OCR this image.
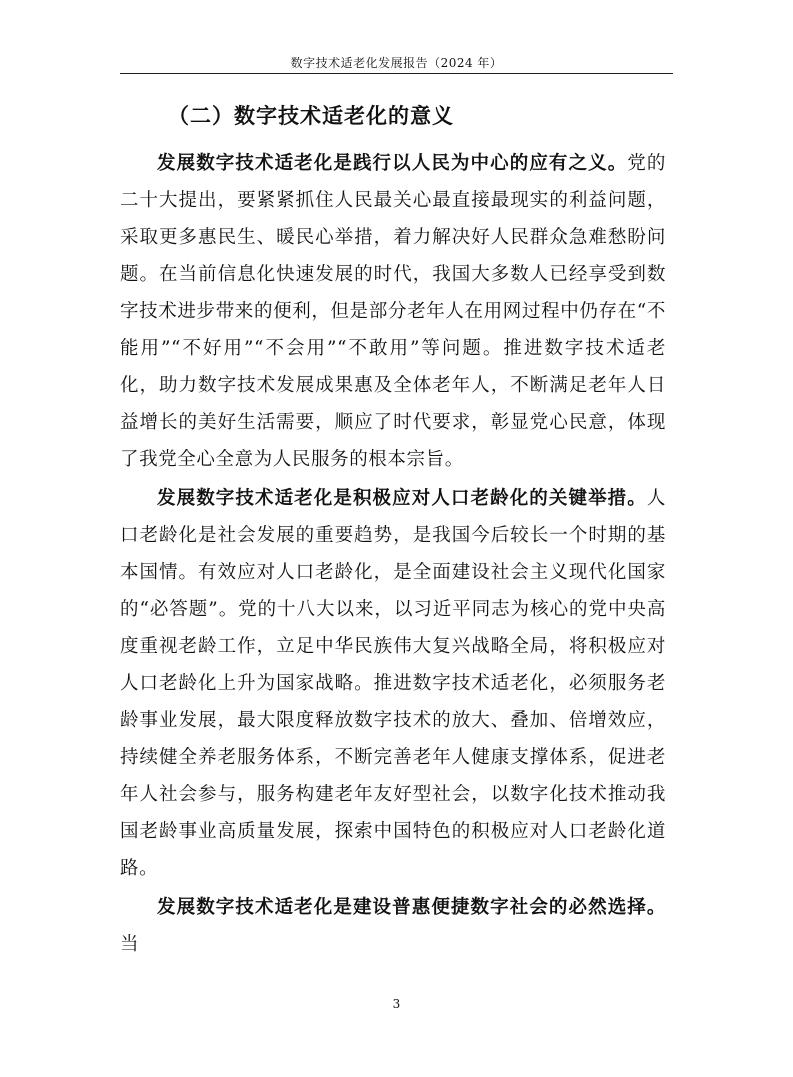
数字技术适老化发展报告（2024 年）
（二）数字技术适老化的意义

发展数字技术适老化是践行以人民为中心的应有之义。党的二十大提出，要紧紧抓住人民最关心最直接最现实的利益问题，采取更多惠民生、暖民心举措，着力解决好人民群众急难愁盼问题。在当前信息化快速发展的时代，我国大多数人已经享受到数字技术进步带来的便利，但是部分老年人在用网过程中仍存在“不能用”“不好用”“不会用”“不敢用”等问题。推进数字技术适老化，助力数字技术发展成果惠及全体老年人，不断满足老年人日益增长的美好生活需要，顺应了时代要求，彰显党心民意，体现了我党全心全意为人民服务的根本宗旨。

发展数字技术适老化是积极应对人口老龄化的关键举措。人口老龄化是社会发展的重要趋势，是我国今后较长一个时期的基本国情。有效应对人口老龄化，是全面建设社会主义现代化国家的“必答题”。党的十八大以来，以习近平同志为核心的党中央高度重视老龄工作，立足中华民族伟大复兴战略全局，将积极应对人口老龄化上升为国家战略。推进数字技术适老化，必须服务老龄事业发展，最大限度释放数字技术的放大、叠加、倍增效应，持续健全养老服务体系，不断完善老年人健康支撑体系，促进老年人社会参与，服务构建老年友好型社会，以数字化技术推动我国老龄事业高质量发展，探索中国特色的积极应对人口老龄化道路。

发展数字技术适老化是建设普惠便捷数字社会的必然选择。当

3
